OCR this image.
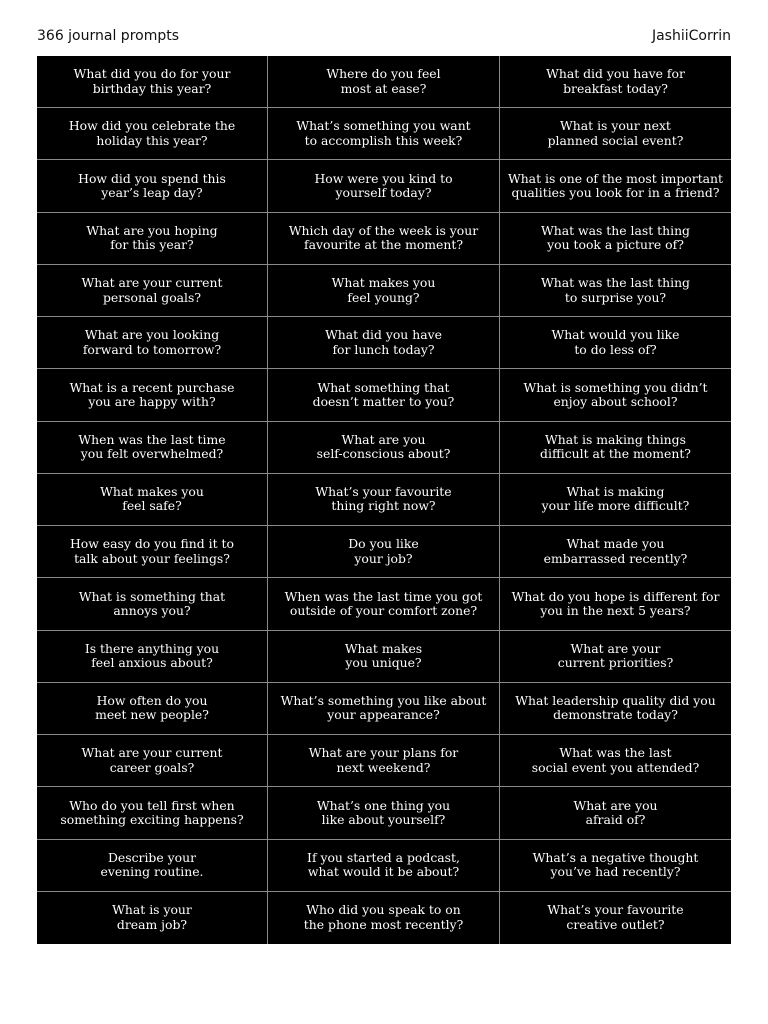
366 journal prompts	JashiiCorrin
What did you do for your
birthday this year?
Where do you feel
most at ease?
What did you have for
breakfast today?
How did you celebrate the
holiday this year?
What’s something you want
to accomplish this week?
What is your next
planned social event?
How did you spend this
year’s leap day?
How were you kind to
yourself today?
What is one of the most important
qualities you look for in a friend?
What are you hoping
for this year?
Which day of the week is your
favourite at the moment?
What was the last thing
you took a picture of?
What are your current
personal goals?
What makes you
feel young?
What was the last thing
to surprise you?
What are you looking
forward to tomorrow?
What did you have
for lunch today?
What would you like
to do less of?
What is a recent purchase
you are happy with?
What something that
doesn’t matter to you?
What is something you didn’t
enjoy about school?
When was the last time
you felt overwhelmed?
What are you
self-conscious about?
What is making things
difficult at the moment?
What makes you
feel safe?
What’s your favourite
thing right now?
What is making
your life more difficult?
How easy do you find it to
talk about your feelings?
Do you like
your job?
What made you
embarrassed recently?
What is something that
annoys you?
When was the last time you got
outside of your comfort zone?
What do you hope is different for
you in the next 5 years?
Is there anything you
feel anxious about?
What makes
you unique?
What are your
current priorities?
How often do you
meet new people?
What’s something you like about
your appearance?
What leadership quality did you
demonstrate today?
What are your current
career goals?
What are your plans for
next weekend?
What was the last
social event you attended?
Who do you tell first when
something exciting happens?
What’s one thing you
like about yourself?
What are you
afraid of?
Describe your
evening routine.
If you started a podcast,
what would it be about?
What’s a negative thought
you’ve had recently?
What is your
dream job?
Who did you speak to on
the phone most recently?
What’s your favourite
creative outlet?
